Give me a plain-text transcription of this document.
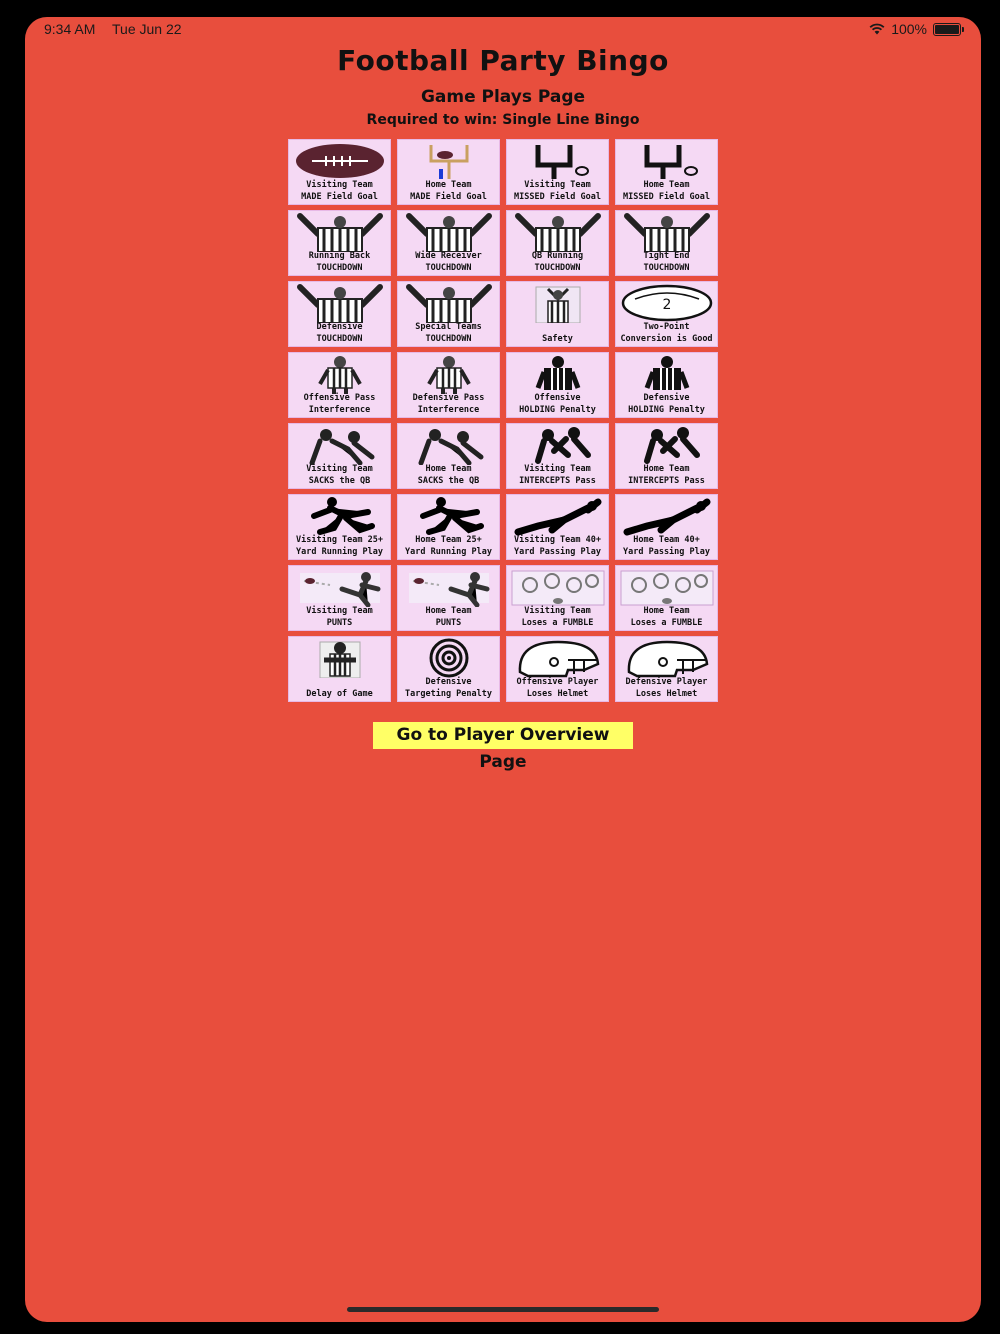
9:34 AM Tue Jun 22	100%
Football Party Bingo
Game Plays Page
Required to win: Single Line Bingo
Visiting Team
MADE Field Goal
Home Team
MADE Field Goal
Visiting Team
MISSED Field Goal
Home Team
MISSED Field Goal
Running Back
TOUCHDOWN
Wide Receiver
TOUCHDOWN
QB Running
TOUCHDOWN
Tight End
TOUCHDOWN
Defensive
TOUCHDOWN
Special Teams
TOUCHDOWN	Safety
2
Two-Point
Conversion is Good
Offensive Pass
Interference
Defensive Pass
Interference
Offensive
HOLDING Penalty
Defensive
HOLDING Penalty
Visiting Team
SACKS the QB
Home Team
SACKS the QB
Visiting Team
INTERCEPTS Pass
Home Team
INTERCEPTS Pass
Visiting Team 25+
Yard Running Play
Home Team 25+
Yard Running Play
Visiting Team 40+
Yard Passing Play
Home Team 40+
Yard Passing Play
Visiting Team
PUNTS
Home Team
PUNTS
Visiting Team
Loses a FUMBLE
Home Team
Loses a FUMBLE
Delay of Game
Defensive
Targeting Penalty
Offensive Player
Loses Helmet
Defensive Player
Loses Helmet
Go to Player Overview Page
